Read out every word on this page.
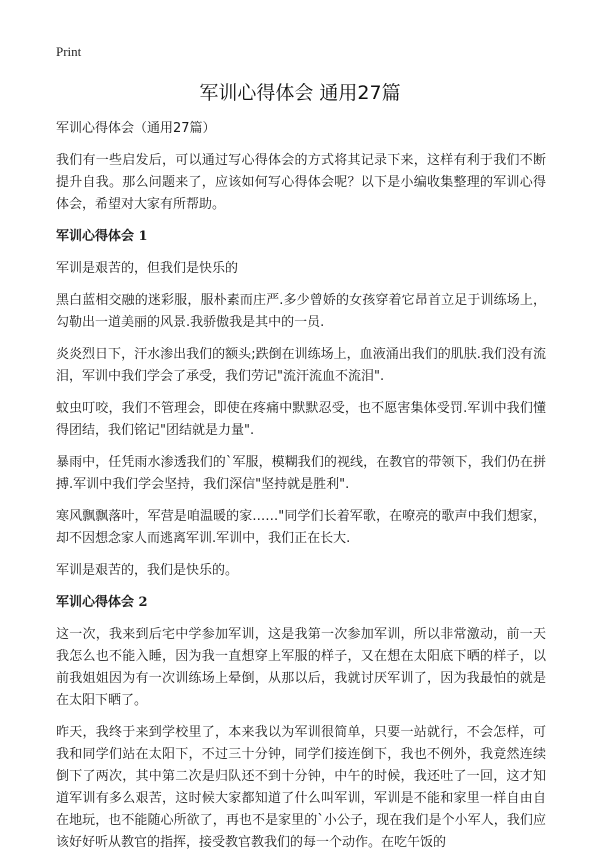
Print
军训心得体会 通用27篇

军训心得体会（通用27篇）

我们有一些启发后，可以通过写心得体会的方式将其记录下来，这样有利于我们不断提升自我。那么问题来了，应该如何写心得体会呢？以下是小编收集整理的军训心得体会，希望对大家有所帮助。

军训心得体会 1

军训是艰苦的，但我们是快乐的

黑白蓝相交融的迷彩服，服朴素而庄严.多少曾娇的女孩穿着它昂首立足于训练场上，勾勒出一道美丽的风景.我骄傲我是其中的一员.

炎炎烈日下，汗水渗出我们的额头;跌倒在训练场上，血液涌出我们的肌肤.我们没有流泪，军训中我们学会了承受，我们劳记"流汗流血不流泪".

蚊虫叮咬，我们不管理会，即使在疼痛中默默忍受，也不愿害集体受罚.军训中我们懂得团结，我们铭记"团结就是力量".

暴雨中，任凭雨水渗透我们的`军服，模糊我们的视线，在教官的带领下，我们仍在拼搏.军训中我们学会坚持，我们深信"坚持就是胜利".

寒风飘飘落叶，军营是咱温暖的家……"同学们长着军歌，在嘹亮的歌声中我们想家，却不因想念家人而逃离军训.军训中，我们正在长大.

军训是艰苦的，我们是快乐的。

军训心得体会 2

这一次，我来到后宅中学参加军训，这是我第一次参加军训，所以非常激动，前一天我怎么也不能入睡，因为我一直想穿上军服的样子，又在想在太阳底下晒的样子，以前我姐姐因为有一次训练场上晕倒，从那以后，我就讨厌军训了，因为我最怕的就是在太阳下晒了。

昨天，我终于来到学校里了，本来我以为军训很简单，只要一站就行，不会怎样，可我和同学们站在太阳下，不过三十分钟，同学们接连倒下，我也不例外，我竟然连续倒下了两次，其中第二次是归队还不到十分钟，中午的时候，我还吐了一回，这才知道军训有多么艰苦，这时候大家都知道了什么叫军训，军训是不能和家里一样自由自在地玩，也不能随心所欲了，再也不是家里的`小公子，现在我们是个小军人，我们应该好好听从教官的指挥，接受教官教我们的每一个动作。在吃午饭的
